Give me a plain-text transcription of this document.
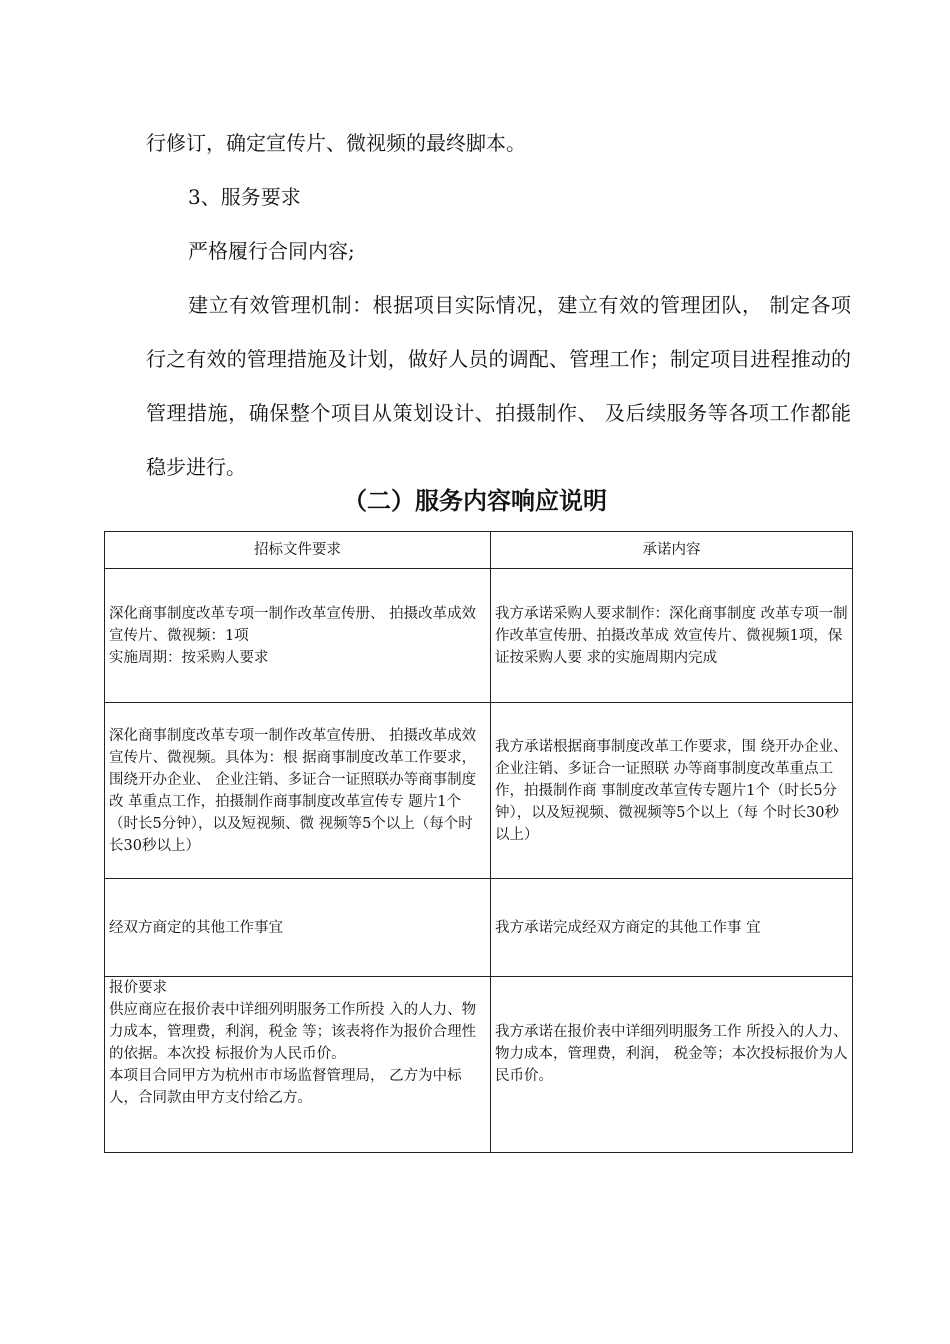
行修订，确定宣传片、微视频的最终脚本。

3、服务要求

严格履行合同内容;

建立有效管理机制：根据项目实际情况，建立有效的管理团队， 制定各项行之有效的管理措施及计划，做好人员的调配、管理工作；制定项目进程推动的管理措施，确保整个项目从策划设计、拍摄制作、 及后续服务等各项工作都能稳步进行。

（二）服务内容响应说明
招标文件要求	承诺内容

深化商事制度改革专项一制作改革宣传册、 拍摄改革成效宣传片、微视频：1项
实施周期：按采购人要求	我方承诺采购人要求制作：深化商事制度 改革专项一制作改革宣传册、拍摄改革成 效宣传片、微视频1项，保证按采购人要 求的实施周期内完成

深化商事制度改革专项一制作改革宣传册、 拍摄改革成效宣传片、微视频。具体为：根 据商事制度改革工作要求，围绕开办企业、 企业注销、多证合一证照联办等商事制度改 革重点工作，拍摄制作商事制度改革宣传专 题片1个（时长5分钟），以及短视频、微 视频等5个以上（每个时长30秒以上）	我方承诺根据商事制度改革工作要求，围 绕开办企业、企业注销、多证合一证照联 办等商事制度改革重点工作，拍摄制作商 事制度改革宣传专题片1个（时长5分 钟），以及短视频、微视频等5个以上（每 个时长30秒以上）

经双方商定的其他工作事宜	我方承诺完成经双方商定的其他工作事 宜

报价要求
供应商应在报价表中详细列明服务工作所投 入的人力、物力成本，管理费，利润，税金 等；该表将作为报价合理性的依据。本次投 标报价为人民币价。
本项目合同甲方为杭州市市场监督管理局， 乙方为中标人，合同款由甲方支付给乙方。	我方承诺在报价表中详细列明服务工作 所投入的人力、物力成本，管理费，利润， 税金等；本次投标报价为人民币价。
